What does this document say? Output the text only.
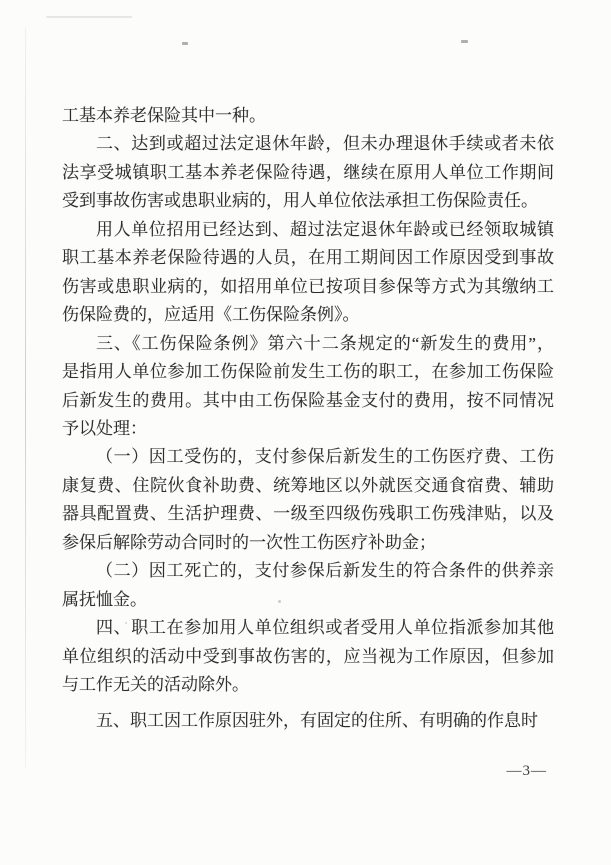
工基本养老保险其中一种。

二、达到或超过法定退休年龄，但未办理退休手续或者未依
法享受城镇职工基本养老保险待遇，继续在原用人单位工作期间
受到事故伤害或患职业病的，用人单位依法承担工伤保险责任。

用人单位招用已经达到、超过法定退休年龄或已经领取城镇
职工基本养老保险待遇的人员，在用工期间因工作原因受到事故
伤害或患职业病的，如招用单位已按项目参保等方式为其缴纳工
伤保险费的，应适用《工伤保险条例》。

三、《工伤保险条例》第六十二条规定的“新发生的费用”，
是指用人单位参加工伤保险前发生工伤的职工，在参加工伤保险
后新发生的费用。其中由工伤保险基金支付的费用，按不同情况
予以处理：

（一）因工受伤的，支付参保后新发生的工伤医疗费、工伤
康复费、住院伙食补助费、统筹地区以外就医交通食宿费、辅助
器具配置费、生活护理费、一级至四级伤残职工伤残津贴，以及
参保后解除劳动合同时的一次性工伤医疗补助金；

（二）因工死亡的，支付参保后新发生的符合条件的供养亲
属抚恤金。

四、职工在参加用人单位组织或者受用人单位指派参加其他
单位组织的活动中受到事故伤害的，应当视为工作原因，但参加
与工作无关的活动除外。

五、职工因工作原因驻外，有固定的住所、有明确的作息时

—3—
